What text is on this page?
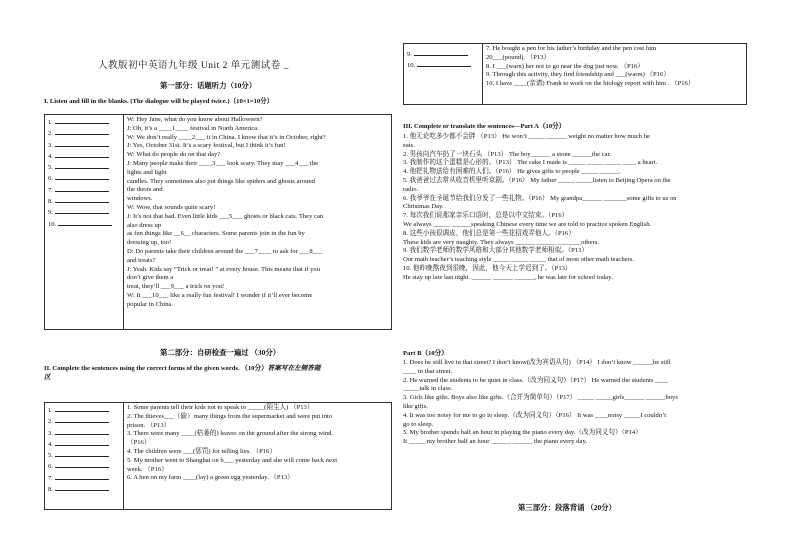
人教版初中英语九年级 Unit 2 单元测试卷 _
第一部分：话题听力（10分）
I. Listen and fill in the blanks. (The dialogue will be played twice.)（10×1=10分）
1.
2.
3.
4.
5.
6.
7.
8.
9.
10.

W: Hey Jane, what do you know about Halloween?
J: Oh, it’s a ____1____ festival in North America.
W: We don’t really ____2___ it in China. I know that it’s in October, right?
J: Yes, October 31st. It’s a scary festival, but I think it’s fun!
W: What do people do on that day?
J: Many people make their ____3___ look scary. They may ___4___ the
lights and light
candles. They sometimes also put things like spiders and ghosts around
the doors and
windows.
W: Wow, that sounds quite scary!
J: It’s not that bad. Even little kids ___5___ ghosts or black cats. They can
also dress up
as fun things like __6__ characters. Some parents join in the fun by
dressing up, too!
D: Do parents take their children around the ___7____ to ask for ___8___
and treats?
J: Yeah. Kids say “Trick or treat! ” at every house. This means that if you
don’t give them a
treat, they’ll ___9___ a trick on you!
W: It ___10___ like a really fun festival! I wonder if it’ll ever become
popular in China.
第二部分：自研检查一遍过 （30分）
II. Complete the sentences using the correct forms of the given words. （10分）答案写在左侧答题
区
1.
2.
3.
4.
5.
6.
7.
8.

1. Some parents tell their kids not to speak to _____(陌生人) （P13）
2. The thieves___（偷）many things from the supermarket and were put into
prison. （P13）
3. There were many ____(枯萎的) leaves on the ground after the strong wind.
（P16）
4. The children were ___(惩罚) for telling lies. （P16）
5. My mother went to Shanghai on b___ yesterday and she will come back next
week. （P16）
6. A hen on my farm ____(lay) a green egg yesterday. （P13）
9.
10.

7. He bought a pen for his father’s birthday and the pen cost him
20___(pound). （P13）
8. I ___(warn) her not to go near the dog just now. （P16）
9. Through this activity, they find friendship and ___(warm) （P16）
10. I have ____(亲请) Frank to work on the biology report with him . （P16）
III. Complete or translate the sentences—Part A（10分）
1. 他无论吃多少都不会胖 （P13） He won’t _____ ______ weight no matter how much he
eats.
2. 男孩向汽车扔了一块石头 （P13） The boy______ a stone ______the car.
3. 我制作的这个蛋糕是心形的。（P13） The cake I made is _____ _____ _____ ____ a heart.
4. 他把礼物送给有困难的人们。（P16） He gives gifts to people _____ ______.
5. 我爸爸过去常从收音机里听京剧。（P16） My father _____ _____listen to Beijing Opera on the
radio.
6. 我爷爷在圣诞节给我们分发了一些礼物。（P16） My grandpa______ _______some gifts to us on
Christmas Day.
7. 每次我们说那家亲乐口语时，总是以中文结束。（P16）
We always _____ ______speaking Chinese every time we are told to practice spoken English.
8. 这些小孩很调皮，他们总是第一些花招戏弄他人。（P16）
These kids are very naughty. They always ______ ______ _______others.
9. 我们数学老师的数学风格和大部分其他数学老师相似。（P13）
Our math teacher’s teaching style _____ _____ _____ that of most other math teachers.
10. 他昨晚熬夜到很晚，因此，他今天上学迟到了。（P13）
He stay up late last night. ______ ______ ______, he was late for school today.
Part B（10分）
1. Does he still live in that street? I don’t know(改为宾语从句) （P14） I don’t know ______he still
____ in that street.
2. He warned the students to be quiet in class.（改为同义句）（P17） He warned the students ____
_____talk in class.
3. Girls like gifts. Boys also like gifts.（合并为简单句）（P17） _____ _____girls______ ______boys
like gifts.
4. It was too noisy for me to go to sleep.（改为同义句）（P16） It was ____noisy _____I couldn’t
go to sleep.
5. My brother spends half an hour in playing the piano every day.（改为同义句）（P14）
It _____ my brother half an hour ______ ______ the piano every day.
第三部分：段落背诵 （20分）
